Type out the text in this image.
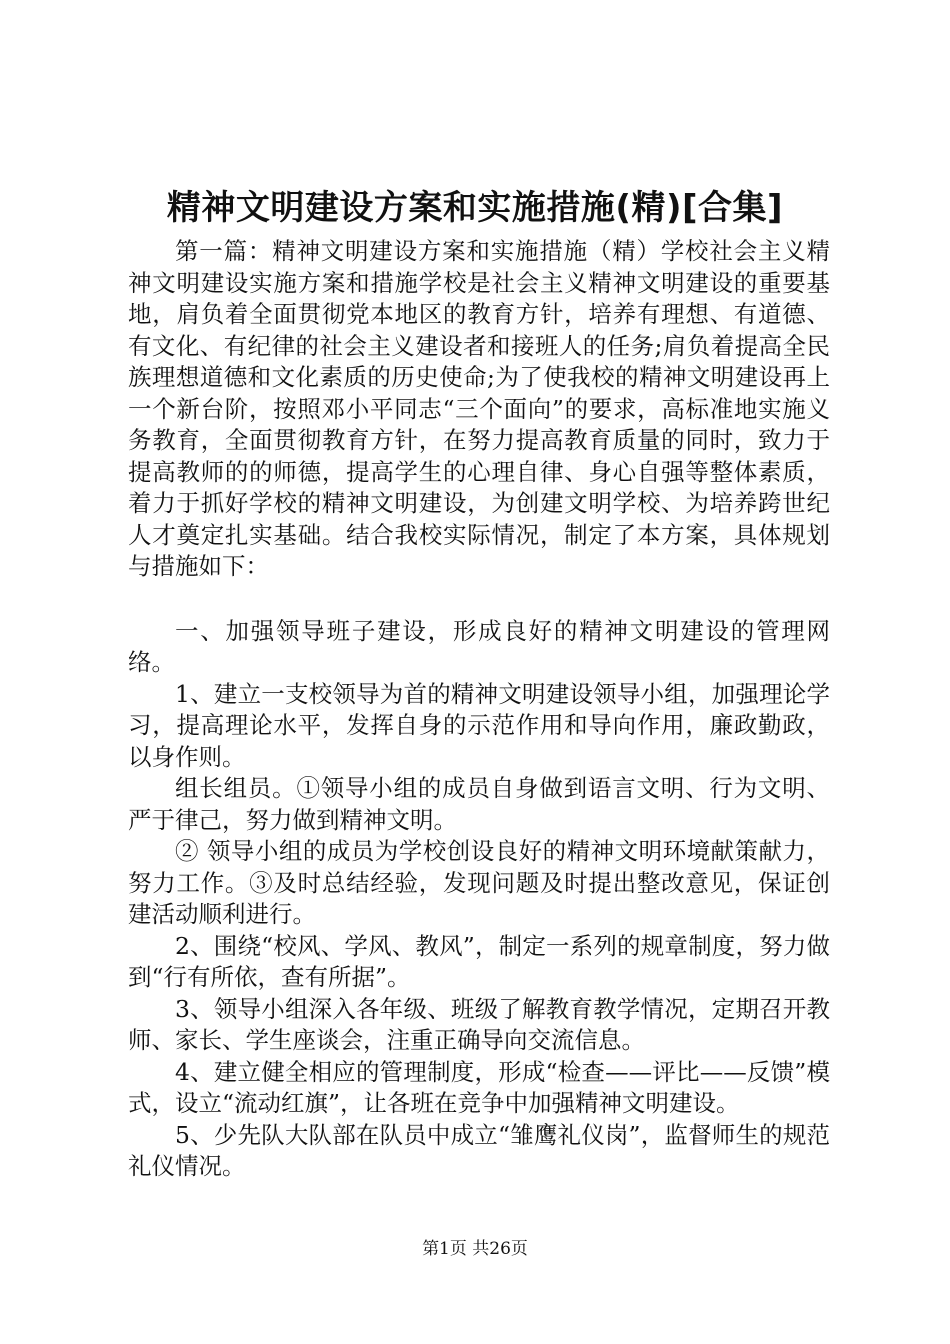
精神文明建设方案和实施措施(精)[合集]

第一篇：精神文明建设方案和实施措施（精）学校社会主义精神文明建设实施方案和措施学校是社会主义精神文明建设的重要基地，肩负着全面贯彻党本地区的教育方针，培养有理想、有道德、有文化、有纪律的社会主义建设者和接班人的任务;肩负着提高全民族理想道德和文化素质的历史使命;为了使我校的精神文明建设再上一个新台阶，按照邓小平同志“三个面向”的要求，高标准地实施义务教育，全面贯彻教育方针，在努力提高教育质量的同时，致力于提高教师的的师德，提高学生的心理自律、身心自强等整体素质，着力于抓好学校的精神文明建设，为创建文明学校、为培养跨世纪人才奠定扎实基础。结合我校实际情况，制定了本方案，具体规划与措施如下：

一、加强领导班子建设，形成良好的精神文明建设的管理网络。

1、建立一支校领导为首的精神文明建设领导小组，加强理论学习，提高理论水平，发挥自身的示范作用和导向作用，廉政勤政，以身作则。

组长组员。①领导小组的成员自身做到语言文明、行为文明、严于律己，努力做到精神文明。

② 领导小组的成员为学校创设良好的精神文明环境献策献力，努力工作。③及时总结经验，发现问题及时提出整改意见，保证创建活动顺利进行。

2、围绕“校风、学风、教风”，制定一系列的规章制度，努力做到“行有所依，查有所据”。

3、领导小组深入各年级、班级了解教育教学情况，定期召开教师、家长、学生座谈会，注重正确导向交流信息。

4、建立健全相应的管理制度，形成“检查——评比——反馈”模式，设立“流动红旗”，让各班在竞争中加强精神文明建设。

5、少先队大队部在队员中成立“雏鹰礼仪岗”，监督师生的规范礼仪情况。

第1页 共26页
